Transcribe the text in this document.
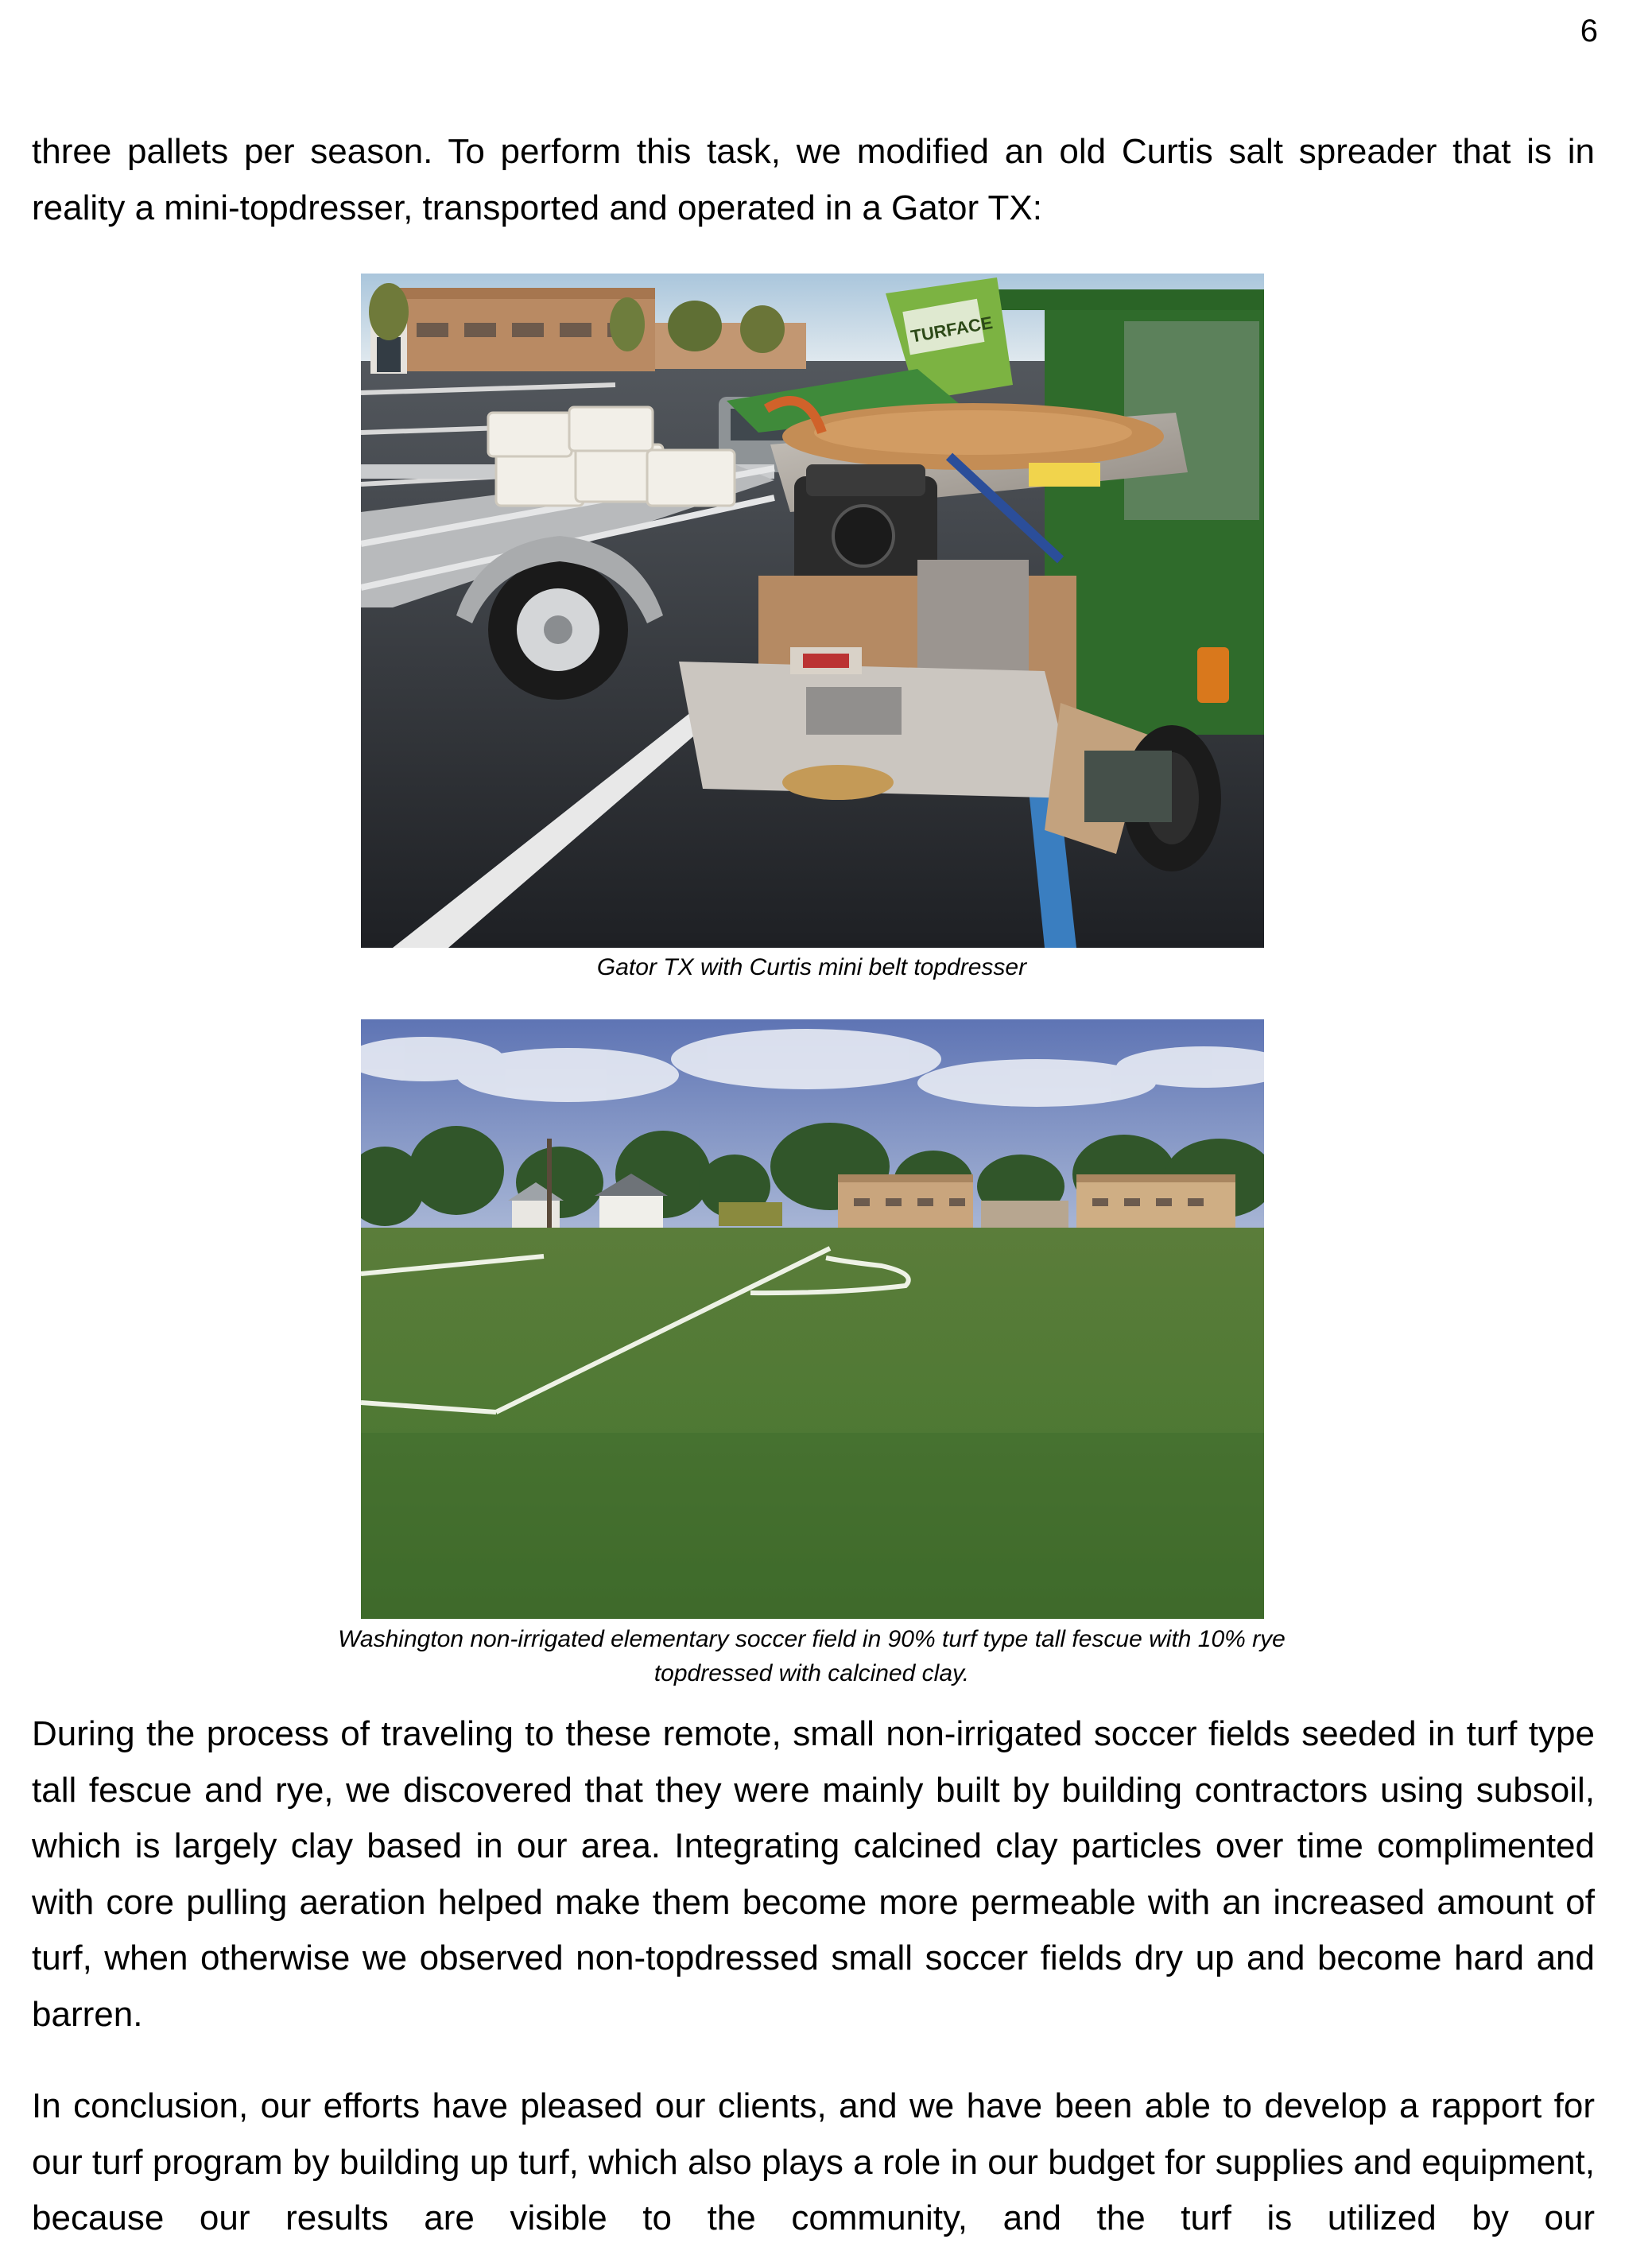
6

three pallets per season. To perform this task, we modified an old Curtis salt spreader that is in reality a mini-topdresser, transported and operated in a Gator TX:

TURFACE

Gator TX with Curtis mini belt topdresser

Washington non-irrigated elementary soccer field in 90% turf type tall fescue with 10% rye

topdressed with calcined clay.

During the process of traveling to these remote, small non-irrigated soccer fields seeded in turf type tall fescue and rye, we discovered that they were mainly built by building contractors using subsoil, which is largely clay based in our area. Integrating calcined clay particles over time complimented with core pulling aeration helped make them become more permeable with an increased amount of turf, when otherwise we observed non-topdressed small soccer fields dry up and become hard and barren.

In conclusion, our efforts have pleased our clients, and we have been able to develop a rapport for our turf program by building up turf, which also plays a role in our budget for supplies and equipment, because our results are visible to the community, and the turf is utilized by our
